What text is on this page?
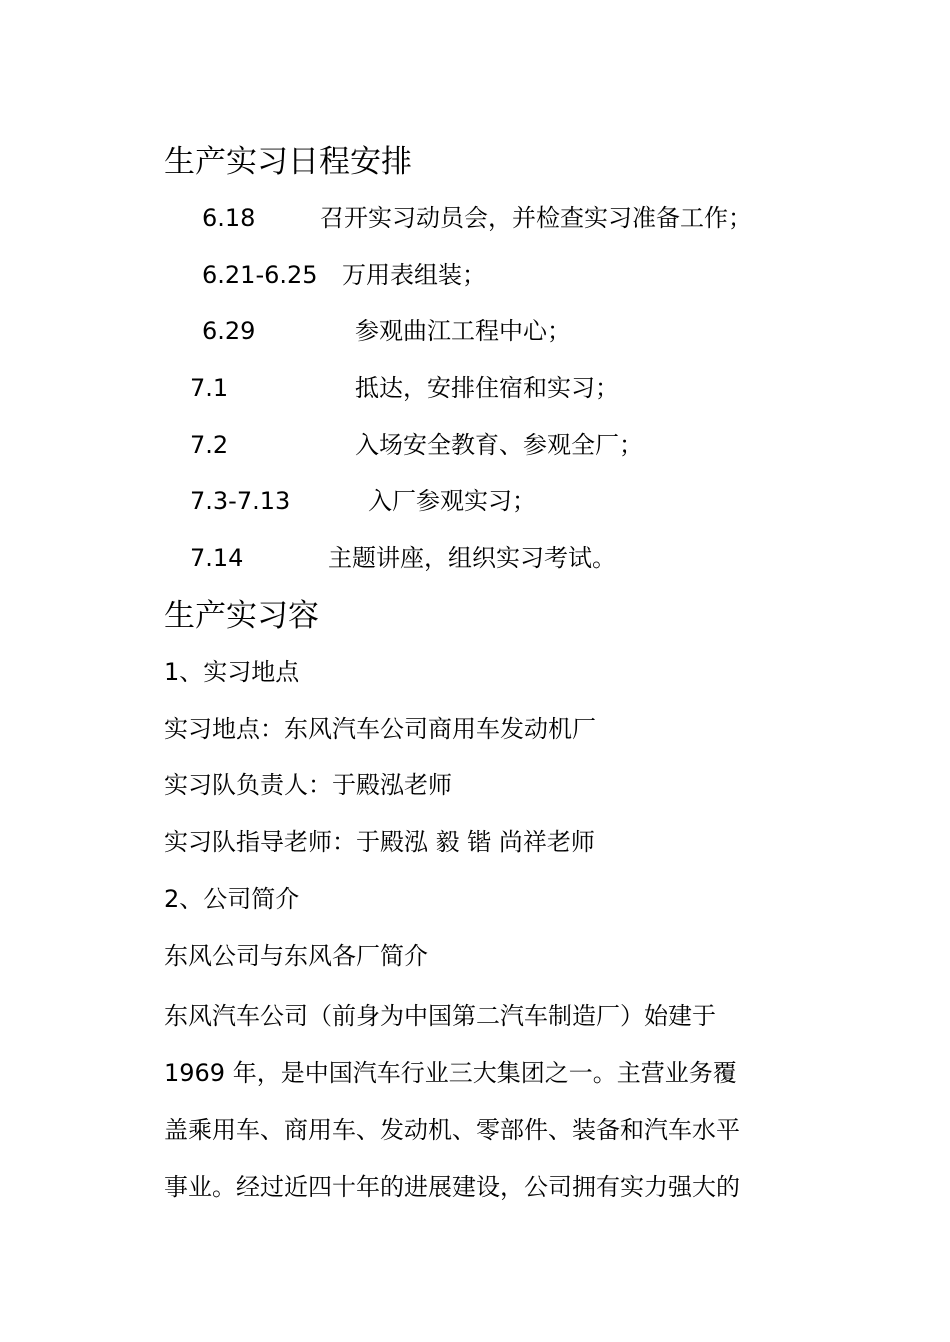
生产实习日程安排
6.18	召开实习动员会，并检查实习准备工作；
6.21-6.25 万用表组装；
6.29	参观曲江工程中心；
7.1	抵达，安排住宿和实习；
7.2	入场安全教育、参观全厂；
7.3-7.13	入厂参观实习；
7.14	主题讲座，组织实习考试。
生产实习容
1、实习地点
实习地点：东风汽车公司商用车发动机厂
实习队负责人：于殿泓老师
实习队指导老师：于殿泓 毅 锴 尚祥老师
2、公司简介
东风公司与东风各厂简介
东风汽车公司（前身为中国第二汽车制造厂）始建于
1969 年，是中国汽车行业三大集团之一。主营业务覆
盖乘用车、商用车、发动机、零部件、装备和汽车水平
事业。经过近四十年的进展建设，公司拥有实力强大的
